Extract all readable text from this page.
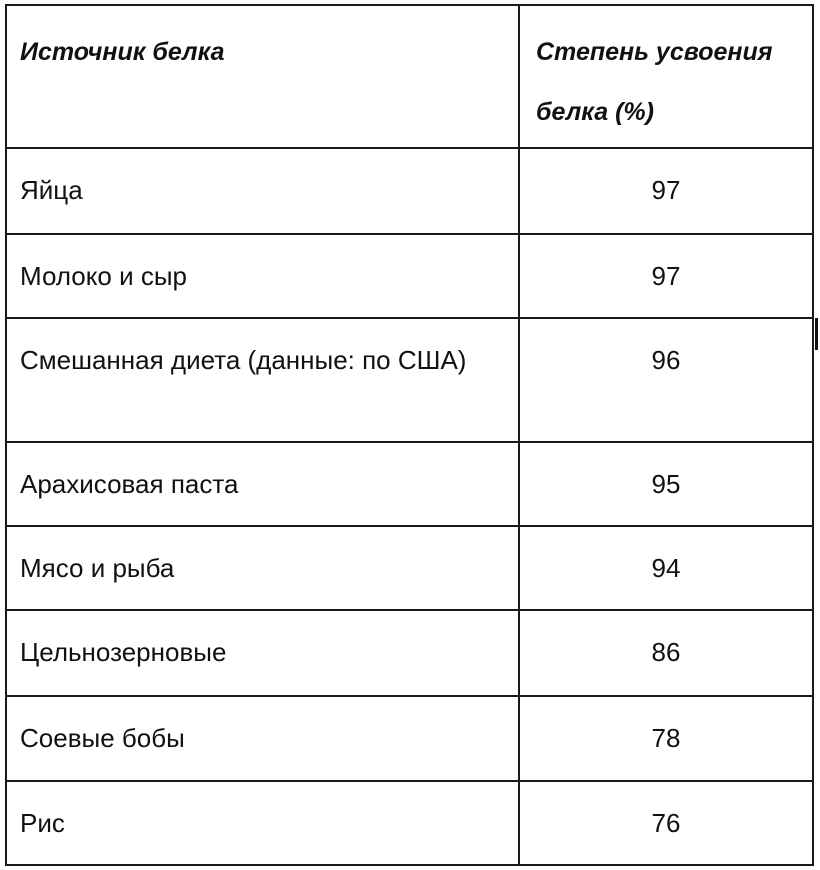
Источник белка	Степень усвоения белка (%)
Яйца	97
Молоко и сыр	97
Смешанная диета (данные: по США)	96
Арахисовая паста	95
Мясо и рыба	94
Цельнозерновые	86
Соевые бобы	78
Рис	76
